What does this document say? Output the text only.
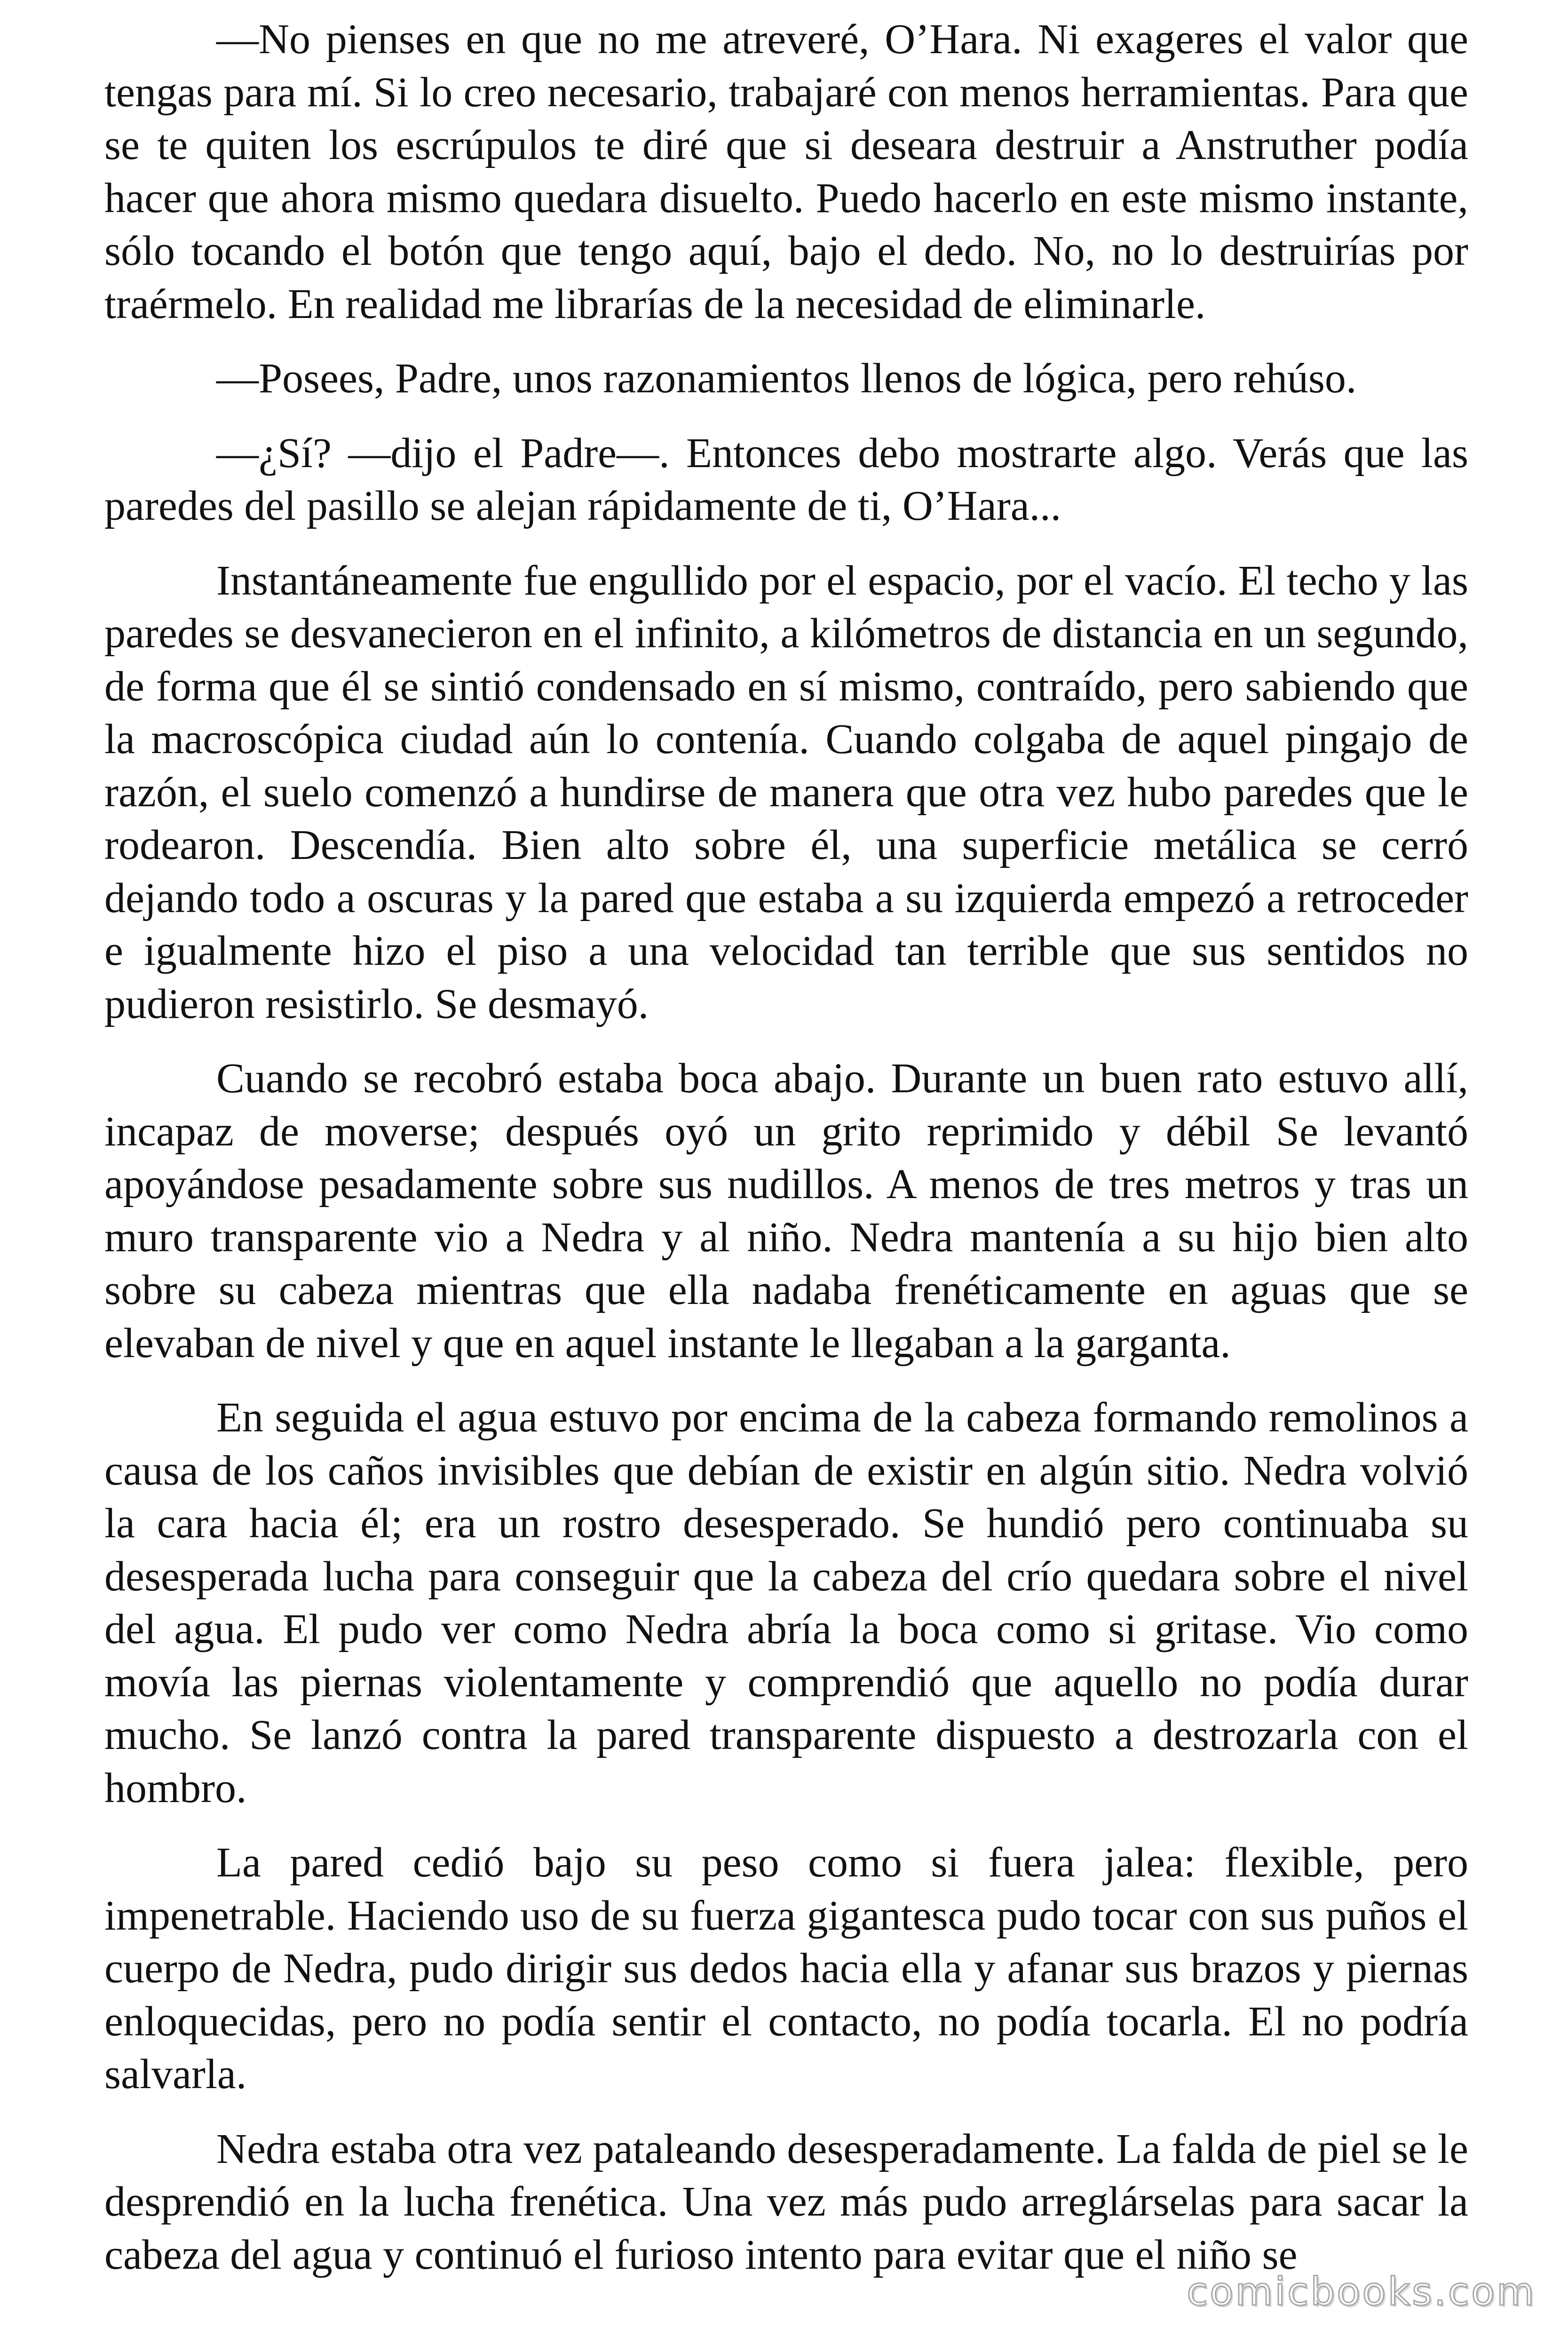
—No pienses en que no me atreveré, O’Hara. Ni exageres el valor que tengas para mí. Si lo creo necesario, trabajaré con menos herramientas. Para que se te quiten los escrúpulos te diré que si deseara destruir a Anstruther podía hacer que ahora mismo quedara disuelto. Puedo hacerlo en este mismo instante, sólo tocando el botón que tengo aquí, bajo el dedo. No, no lo destruirías por traérmelo. En realidad me librarías de la necesidad de eliminarle.

—Posees, Padre, unos razonamientos llenos de lógica, pero rehúso.

—¿Sí? —dijo el Padre—. Entonces debo mostrarte algo. Verás que las paredes del pasillo se alejan rápidamente de ti, O’Hara...

Instantáneamente fue engullido por el espacio, por el vacío. El techo y las paredes se desvanecieron en el infinito, a kilómetros de distancia en un segundo, de forma que él se sintió condensado en sí mismo, contraído, pero sabiendo que la macroscópica ciudad aún lo contenía. Cuando colgaba de aquel pingajo de razón, el suelo comenzó a hundirse de manera que otra vez hubo paredes que le rodearon. Descendía. Bien alto sobre él, una superficie metálica se cerró dejando todo a oscuras y la pared que estaba a su izquierda empezó a retroceder e igualmente hizo el piso a una velocidad tan terrible que sus sentidos no pudieron resistirlo. Se desmayó.

Cuando se recobró estaba boca abajo. Durante un buen rato estuvo allí, incapaz de moverse; después oyó un grito reprimido y débil Se levantó apoyándose pesadamente sobre sus nudillos. A menos de tres metros y tras un muro transparente vio a Nedra y al niño. Nedra mantenía a su hijo bien alto sobre su cabeza mientras que ella nadaba frenéticamente en aguas que se elevaban de nivel y que en aquel instante le llegaban a la garganta.

En seguida el agua estuvo por encima de la cabeza formando remolinos a causa de los caños invisibles que debían de existir en algún sitio. Nedra volvió la cara hacia él; era un rostro desesperado. Se hundió pero continuaba su desesperada lucha para conseguir que la cabeza del crío quedara sobre el nivel del agua. El pudo ver como Nedra abría la boca como si gritase. Vio como movía las piernas violentamente y comprendió que aquello no podía durar mucho. Se lanzó contra la pared transparente dispuesto a destrozarla con el hombro.

La pared cedió bajo su peso como si fuera jalea: flexible, pero impenetrable. Haciendo uso de su fuerza gigantesca pudo tocar con sus puños el cuerpo de Nedra, pudo dirigir sus dedos hacia ella y afanar sus brazos y piernas enloquecidas, pero no podía sentir el contacto, no podía tocarla. El no podría salvarla.

Nedra estaba otra vez pataleando desesperadamente. La falda de piel se le desprendió en la lucha frenética. Una vez más pudo arreglárselas para sacar la cabeza del agua y continuó el furioso intento para evitar que el niño se

comicbooks.com
